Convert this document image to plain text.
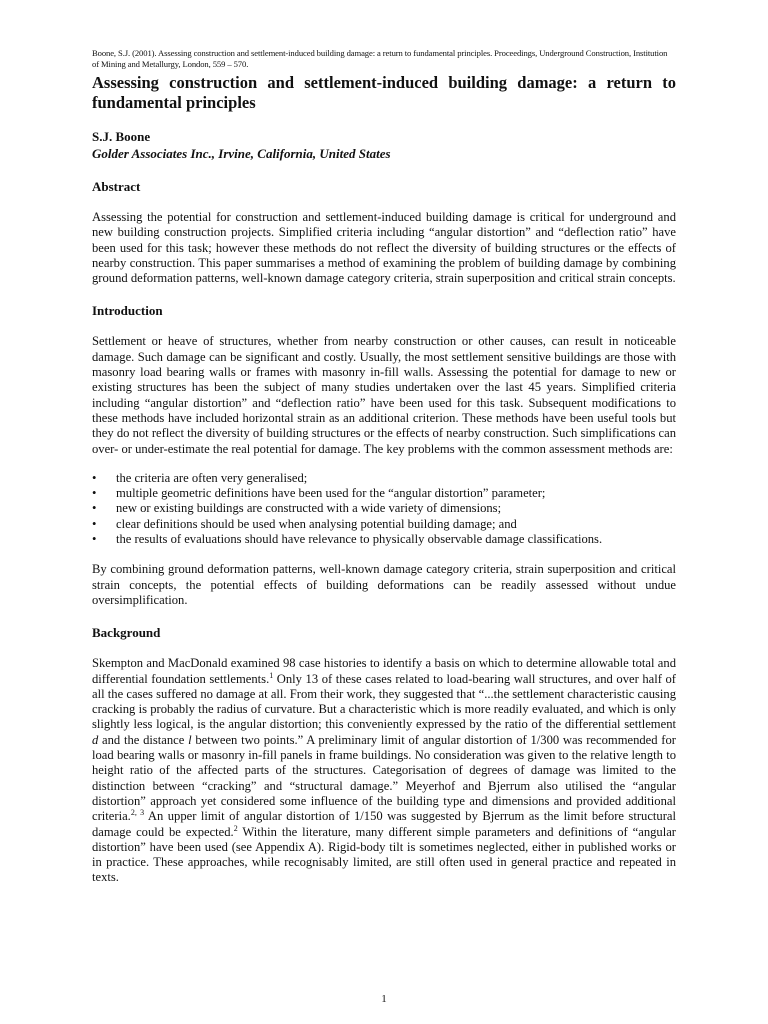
Boone, S.J. (2001). Assessing construction and settlement-induced building damage: a return to fundamental principles. Proceedings, Underground Construction, Institution of Mining and Metallurgy, London, 559 – 570.

Assessing construction and settlement-induced building damage: a return to fundamental principles

S.J. Boone

Golder Associates Inc., Irvine, California, United States

Abstract

Assessing the potential for construction and settlement-induced building damage is critical for underground and new building construction projects. Simplified criteria including “angular distortion” and “deflection ratio” have been used for this task; however these methods do not reflect the diversity of building structures or the effects of nearby construction. This paper summarises a method of examining the problem of building damage by combining ground deformation patterns, well-known damage category criteria, strain superposition and critical strain concepts.

Introduction

Settlement or heave of structures, whether from nearby construction or other causes, can result in noticeable damage. Such damage can be significant and costly. Usually, the most settlement sensitive buildings are those with masonry load bearing walls or frames with masonry in-fill walls. Assessing the potential for damage to new or existing structures has been the subject of many studies undertaken over the last 45 years. Simplified criteria including “angular distortion” and “deflection ratio” have been used for this task. Subsequent modifications to these methods have included horizontal strain as an additional criterion. These methods have been useful tools but they do not reflect the diversity of building structures or the effects of nearby construction. Such simplifications can over- or under-estimate the real potential for damage. The key problems with the common assessment methods are:

• the criteria are often very generalised;
• multiple geometric definitions have been used for the “angular distortion” parameter;
• new or existing buildings are constructed with a wide variety of dimensions;
• clear definitions should be used when analysing potential building damage; and
• the results of evaluations should have relevance to physically observable damage classifications.

By combining ground deformation patterns, well-known damage category criteria, strain superposition and critical strain concepts, the potential effects of building deformations can be readily assessed without undue oversimplification.

Background

Skempton and MacDonald examined 98 case histories to identify a basis on which to determine allowable total and differential foundation settlements.$^1$ Only 13 of these cases related to load-bearing wall structures, and over half of all the cases suffered no damage at all. From their work, they suggested that “...the settlement characteristic causing cracking is probably the radius of curvature. But a characteristic which is more readily evaluated, and which is only slightly less logical, is the angular distortion; this conveniently expressed by the ratio of the differential settlement d and the distance l between two points.” A preliminary limit of angular distortion of 1/300 was recommended for load bearing walls or masonry in-fill panels in frame buildings. No consideration was given to the relative length to height ratio of the affected parts of the structures. Categorisation of degrees of damage was limited to the distinction between “cracking” and “structural damage.” Meyerhof and Bjerrum also utilised the “angular distortion” approach yet considered some influence of the building type and dimensions and provided additional criteria.$^{2, 3}$ An upper limit of angular distortion of 1/150 was suggested by Bjerrum as the limit before structural damage could be expected.$^2$ Within the literature, many different simple parameters and definitions of “angular distortion” have been used (see Appendix A). Rigid-body tilt is sometimes neglected, either in published works or in practice. These approaches, while recognisably limited, are still often used in general practice and repeated in texts.

1
